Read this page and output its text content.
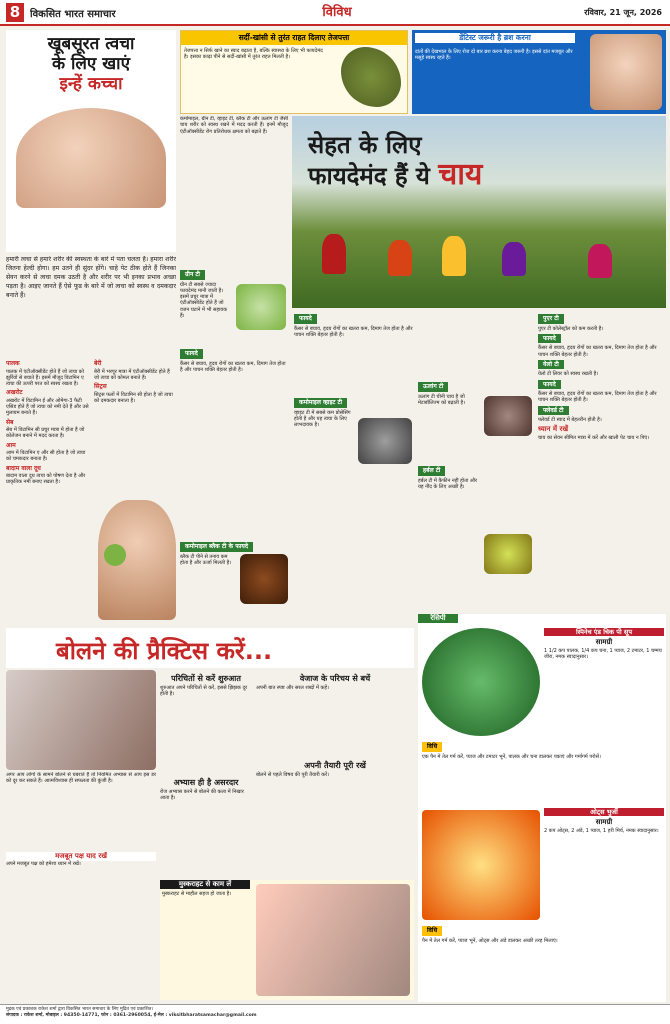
8 विकसित भारत समाचार	विविध	रविवार, 21 जून, 2026
खूबसूरत त्वचा
के लिए खाएं
इन्हें कच्चा
हमारी त्वचा से हमारे शरीर की स्वस्थता के बारे में पता चलता है। हमारा शरीर जितना हेल्दी होगा। हम उतने ही सुंदर होंगे। चाहे पेट ठीक होते हैं जिनका सेवन करने से त्वचा दमक उठती है और शरीर पर भी इनका प्रभाव अच्छा पड़ता है। आइए जानते हैं ऐसे फूड के बारे में जो त्वचा को स्वस्थ व दमकदार बनाते हैं।
पालक
पालक में एंटीऑक्सीडेंट होते हैं जो त्वचा को झुर्रियों से बचाते हैं। इसमें मौजूद विटामिन ए त्वचा की ऊपरी परत को स्वस्थ रखता है।
अखरोट
अखरोट में विटामिन ई और ओमेगा-3 फैटी एसिड होते हैं जो त्वचा को नमी देते हैं और उसे मुलायम बनाते हैं।
सेब
सेब में विटामिन सी प्रचुर मात्रा में होता है जो कोलेजन बनाने में मदद करता है।
आम
आम में विटामिन ए और सी होता है जो त्वचा को चमकदार बनाता है।
बादाम वाला दूध
बादाम वाला दूध त्वचा को पोषण देता है और प्राकृतिक नमी बनाए रखता है।
बेरी
बेरी में भरपूर मात्रा में एंटीऑक्सीडेंट होते हैं जो त्वचा को कोमल बनाते हैं।
सिट्रस
सिट्रस फलों में विटामिन सी होता है जो त्वचा को दमकदार बनाता है।
सर्दी-खांसी से तुरंत राहत दिलाए तेजपत्ता
तेजपत्ता न सिर्फ खाने का स्वाद बढ़ाता है, बल्कि स्वास्थ्य के लिए भी फायदेमंद है। इसका काढ़ा पीने से सर्दी-खांसी में तुरंत राहत मिलती है।
डेंटिस्ट जरूरी है ब्रश करना
दांतों की देखभाल के लिए रोज दो बार ब्रश करना बेहद जरूरी है। इससे दांत मजबूत और मसूड़े स्वस्थ रहते हैं।
सेहत के लिए
फायदेमंद हैं ये चाय
कमोमाइल, ग्रीन टी, व्हाइट टी, ब्लैक टी और ऊलांग टी जैसी चाय शरीर को स्वस्थ रखने में मदद करती हैं। इनमें मौजूद एंटीऑक्सीडेंट रोग प्रतिरोधक क्षमता को बढ़ाते हैं।
ग्रीन टी
ग्रीन टी सबसे ज्यादा फायदेमंद मानी जाती है। इसमें प्रचुर मात्रा में एंटीऑक्सीडेंट होते हैं जो वजन घटाने में भी सहायक हैं।
फायदे
कैंसर से बचाव, हृदय रोगों का खतरा कम, दिमाग तेज होता है और पाचन शक्ति बेहतर होती है।
कमोमाइल ब्लैक टी के फायदे
ब्लैक टी पीने से तनाव कम होता है और ऊर्जा मिलती है।
फायदे
कैंसर से बचाव, हृदय रोगों का खतरा कम, दिमाग तेज होता है और पाचन शक्ति बेहतर होती है।
कमोमाइल व्हाइट टी
व्हाइट टी में सबसे कम प्रोसेसिंग होती है और यह त्वचा के लिए लाभदायक है।
ऊलांग टी
ऊलांग टी चीनी चाय है जो मेटाबॉलिज्म को बढ़ाती है।
हर्बल टी
हर्बल टी में कैफीन नहीं होता और यह नींद के लिए अच्छी है।
पुएर टी
पुएर टी कोलेस्ट्रॉल को कम करती है।
फायदे
कैंसर से बचाव, हृदय रोगों का खतरा कम, दिमाग तेज होता है और पाचन शक्ति बेहतर होती है।
येलो टी
येलो टी लिवर को स्वस्थ रखती है।
फायदे
कैंसर से बचाव, हृदय रोगों का खतरा कम, दिमाग तेज होता है और पाचन शक्ति बेहतर होती है।
फ्लेवर्ड टी
फ्लेवर्ड टी स्वाद में बेहतरीन होती है।
ध्यान में रखें
चाय का सेवन सीमित मात्रा में करें और खाली पेट चाय न पिएं।
बोलने की प्रैक्टिस करें...
अगर आप लोगों के सामने बोलने से घबराते हैं तो नियमित अभ्यास से आप इस डर को दूर कर सकते हैं। आत्मविश्वास ही सफलता की कुंजी है।
मजबूत पक्ष याद रखें
अपने मजबूत पक्ष को हमेशा ध्यान में रखें।
परिचितों से करें शुरुआत
शुरुआत अपने परिचितों से करें, इससे झिझक दूर होती है।
अभ्यास ही है असरदार
रोज अभ्यास करने से बोलने की कला में निखार आता है।
वेजाज के परिचय से बचें
अपनी बात स्पष्ट और सरल शब्दों में कहें।
अपनी तैयारी पूरी रखें
बोलने से पहले विषय की पूरी तैयारी करें।
मुस्कराहट से काम लें
मुस्कराहट से माहौल सहज हो जाता है।
रेसिपी
स्पिनेच एंड चिक पी सूप
सामग्री
1 1/2 कप पालक, 1/4 कप चना, 1 प्याज, 2 टमाटर, 1 चम्मच जीरा, नमक स्वादानुसार।
विधि
एक पैन में तेल गर्म करें, प्याज और टमाटर भूनें, पालक और चना डालकर पकाएं और गर्मागर्म परोसें।
ओट्स भुर्जी
सामग्री
2 कप ओट्स, 2 अंडे, 1 प्याज, 1 हरी मिर्च, नमक स्वादानुसार।
विधि
पैन में तेल गर्म करें, प्याज भूनें, ओट्स और अंडे डालकर अच्छी तरह मिलाएं।
मुद्रक एवं प्रकाशक राकेश शर्मा द्वारा विकसित भारत समाचार के लिए मुद्रित एवं प्रकाशित।
संपादक : राकेश शर्मा, मोबाइल : 94350-14771, फोन : 0361-2960054, ई-मेल : viksitbharatsamachar@gmail.com
